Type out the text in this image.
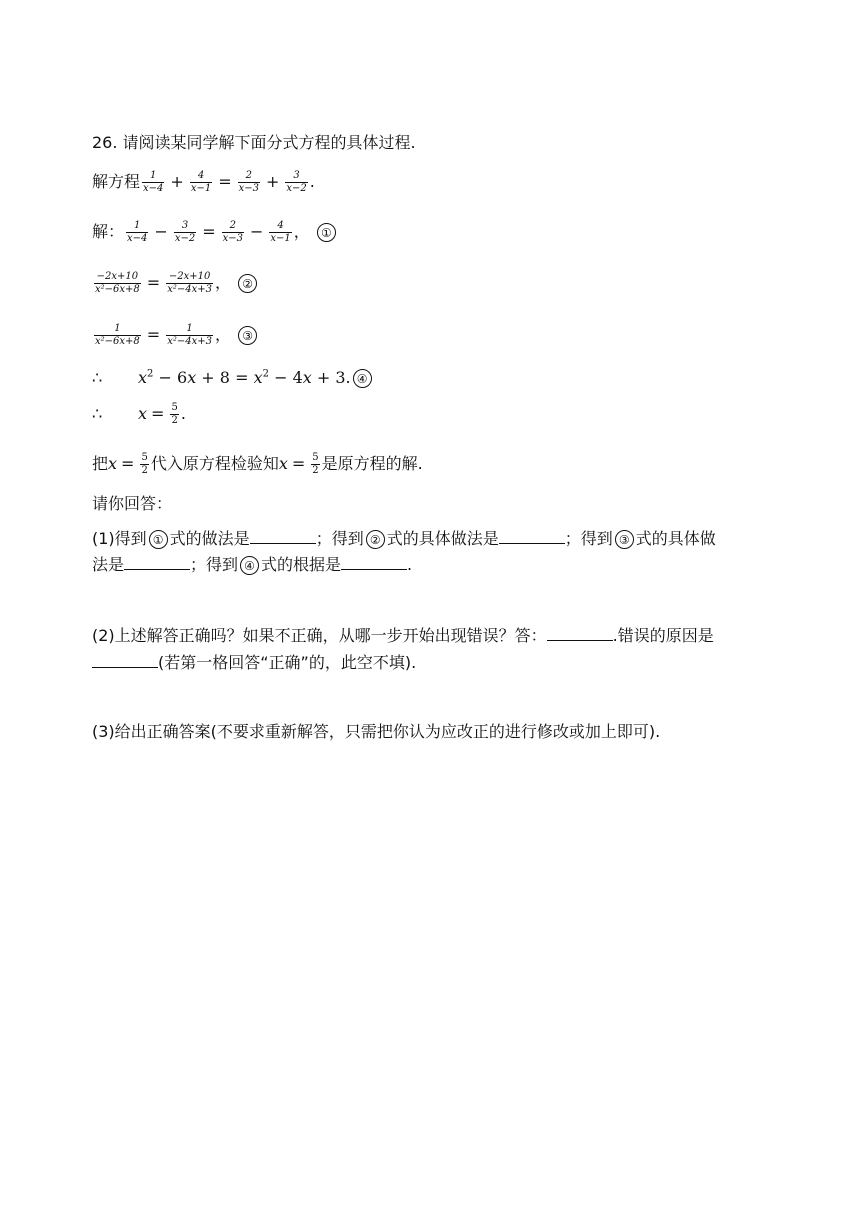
26. 请阅读某同学解下面分式方程的具体过程.
解方程 $\frac{1}{x-4} + \frac{4}{x-1} = \frac{2}{x-3} + \frac{3}{x-2}$ .
解： $\frac{1}{x-4} - \frac{3}{x-2} = \frac{2}{x-3} - \frac{4}{x-1}$ ， ①
$\frac{-2x+10}{\text{x²−6x+8}} = \frac{-2x+10}{\text{x²−4x+3}}$ ， ②
$\frac{1}{\text{x²−6x+8}} = \frac{1}{\text{x²−4x+3}}$ ， ③
∴ $x^2 - 6x + 8 = x^2 - 4x + 3$. ④
∴ $x = \frac{5}{2}$ .
把$x = \frac{5}{2}$ 代入原方程检验知$x = \frac{5}{2}$ 是原方程的解.
请你回答：
(1)得到 ① 式的做法是	；得到 ② 式的具体做法是	；得到 ③ 式的具体做
法是	；得到 ④ 式的根据是	.
(2)上述解答正确吗？如果不正确，从哪一步开始出现错误？答：	.错误的原因是
(若第一格回答“正确”的，此空不填).
(3)给出正确答案(不要求重新解答，只需把你认为应改正的进行修改或加上即可).
